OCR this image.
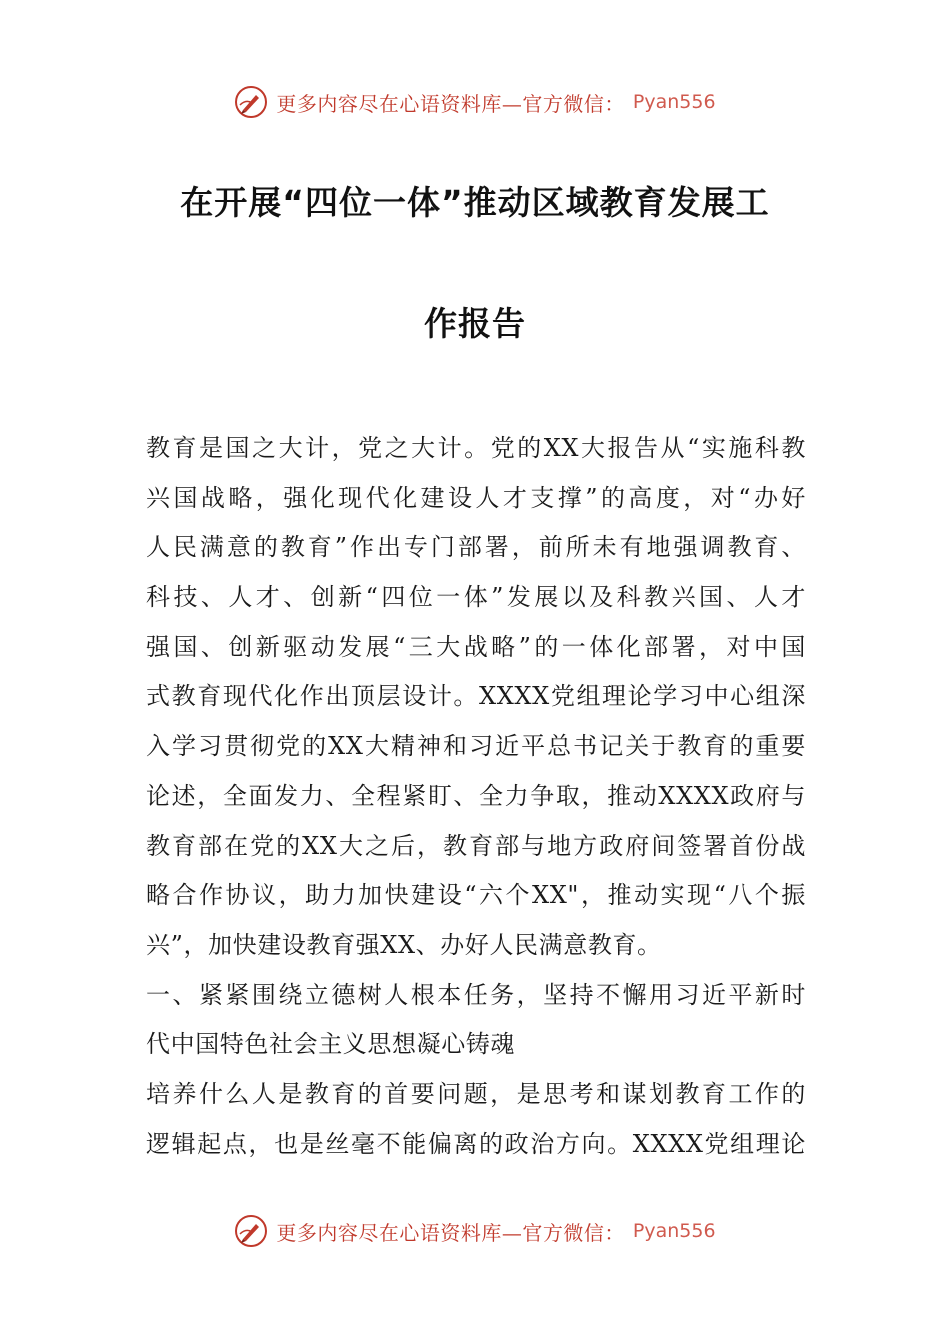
更多内容尽在心语资料库—官方微信： Pyan556
在开展“四位一体”推动区域教育发展工
作报告
教育是国之大计，党之大计。党的XX大报告从“实施科教
兴国战略，强化现代化建设人才支撑”的高度，对“办好
人民满意的教育”作出专门部署，前所未有地强调教育、
科技、人才、创新“四位一体”发展以及科教兴国、人才
强国、创新驱动发展“三大战略”的一体化部署，对中国
式教育现代化作出顶层设计。XXXX党组理论学习中心组深
入学习贯彻党的XX大精神和习近平总书记关于教育的重要
论述，全面发力、全程紧盯、全力争取，推动XXXX政府与
教育部在党的XX大之后，教育部与地方政府间签署首份战
略合作协议，助力加快建设“六个XX"，推动实现“八个振
兴”，加快建设教育强XX、办好人民满意教育。
一、紧紧围绕立德树人根本任务，坚持不懈用习近平新时
代中国特色社会主义思想凝心铸魂
培养什么人是教育的首要问题，是思考和谋划教育工作的
逻辑起点，也是丝毫不能偏离的政治方向。XXXX党组理论
更多内容尽在心语资料库—官方微信： Pyan556
